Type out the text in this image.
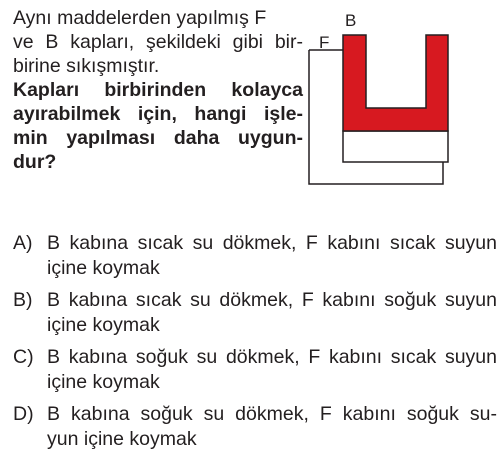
Aynı maddelerden yapılmış F
ve B kapları, şekildeki gibi bir-
birine sıkışmıştır.
Kapları birbirinden kolayca
ayırabilmek için, hangi işle-
min yapılması daha uygun-
dur?
B
F
A) B kabına sıcak su dökmek, F kabını sıcak suyun
içine koymak
B) B kabına sıcak su dökmek, F kabını soğuk suyun
içine koymak
C) B kabına soğuk su dökmek, F kabını sıcak suyun
içine koymak
D) B kabına soğuk su dökmek, F kabını soğuk su-
yun içine koymak
